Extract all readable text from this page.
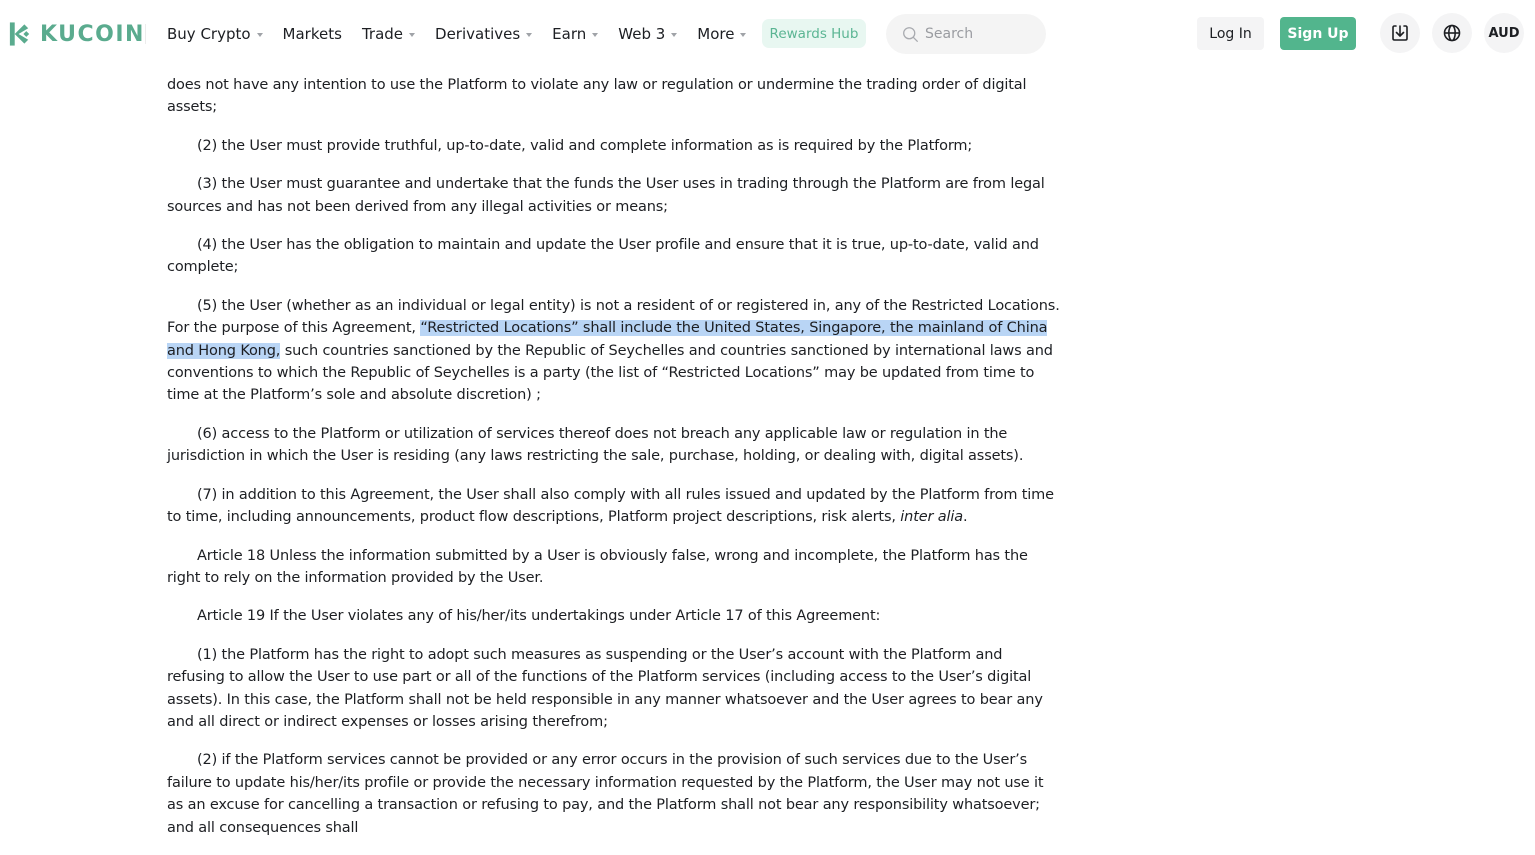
KUCOIN Buy Crypto Markets Trade Derivatives Earn Web 3 More	Rewards Hub
Search	Log In	Sign Up	AUD

does not have any intention to use the Platform to violate any law or regulation or undermine the trading order of digital assets;

(2) the User must provide truthful, up-to-date, valid and complete information as is required by the Platform;

(3) the User must guarantee and undertake that the funds the User uses in trading through the Platform are from legal sources and has not been derived from any illegal activities or means;

(4) the User has the obligation to maintain and update the User profile and ensure that it is true, up-to-date, valid and complete;

(5) the User (whether as an individual or legal entity) is not a resident of or registered in, any of the Restricted Locations. For the purpose of this Agreement, “Restricted Locations” shall include the United States, Singapore, the mainland of China and Hong Kong, such countries sanctioned by the Republic of Seychelles and countries sanctioned by international laws and conventions to which the Republic of Seychelles is a party (the list of “Restricted Locations” may be updated from time to time at the Platform’s sole and absolute discretion) ;

(6) access to the Platform or utilization of services thereof does not breach any applicable law or regulation in the jurisdiction in which the User is residing (any laws restricting the sale, purchase, holding, or dealing with, digital assets).

(7) in addition to this Agreement, the User shall also comply with all rules issued and updated by the Platform from time to time, including announcements, product flow descriptions, Platform project descriptions, risk alerts, inter alia.

Article 18 Unless the information submitted by a User is obviously false, wrong and incomplete, the Platform has the right to rely on the information provided by the User.

Article 19 If the User violates any of his/her/its undertakings under Article 17 of this Agreement:

(1) the Platform has the right to adopt such measures as suspending or the User’s account with the Platform and refusing to allow the User to use part or all of the functions of the Platform services (including access to the User’s digital assets). In this case, the Platform shall not be held responsible in any manner whatsoever and the User agrees to bear any and all direct or indirect expenses or losses arising therefrom;

(2) if the Platform services cannot be provided or any error occurs in the provision of such services due to the User’s failure to update his/her/its profile or provide the necessary information requested by the Platform, the User may not use it as an excuse for cancelling a transaction or refusing to pay, and the Platform shall not bear any responsibility whatsoever; and all consequences shall
